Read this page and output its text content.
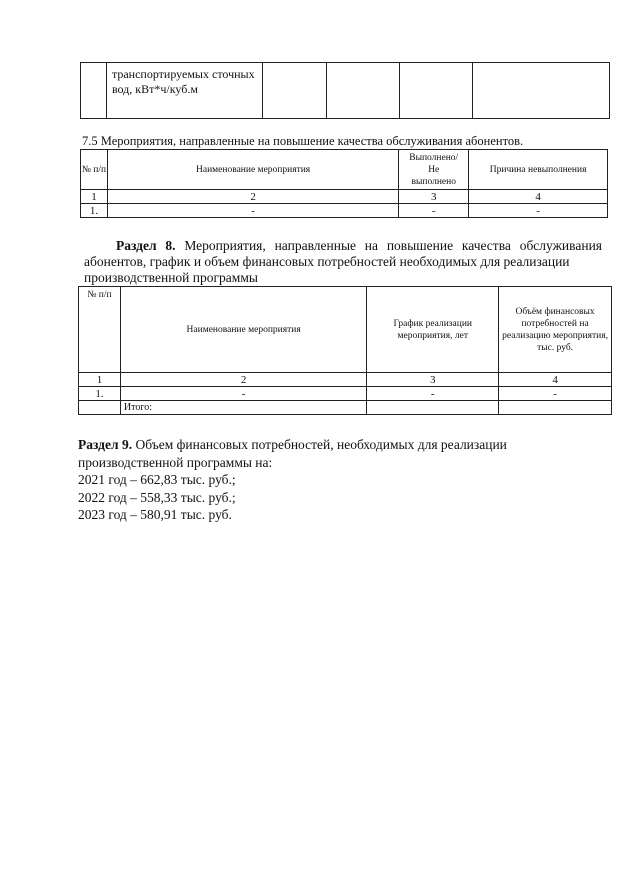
	транспортируемых сточных вод, кВт*ч/куб.м				
7.5 Мероприятия, направленные на повышение качества обслуживания абонентов.
№ п/п	Наименование мероприятия	Выполнено/
Не
выполнено	Причина невыполнения
1	2	3	4
1.	-	-	-
Раздел 8. Мероприятия, направленные на повышение качества обслуживания абонентов, график и объем финансовых потребностей необходимых для реализации
производственной программы
№ п/п	Наименование мероприятия	График реализации мероприятия, лет	Объём финансовых потребностей на реализацию мероприятия, тыс. руб.
1	2	3	4
1.	-	-	-
	Итого:		
Раздел 9. Объем финансовых потребностей, необходимых для реализации
производственной программы на:
2021 год – 662,83 тыс. руб.;
2022 год – 558,33 тыс. руб.;
2023 год – 580,91 тыс. руб.
